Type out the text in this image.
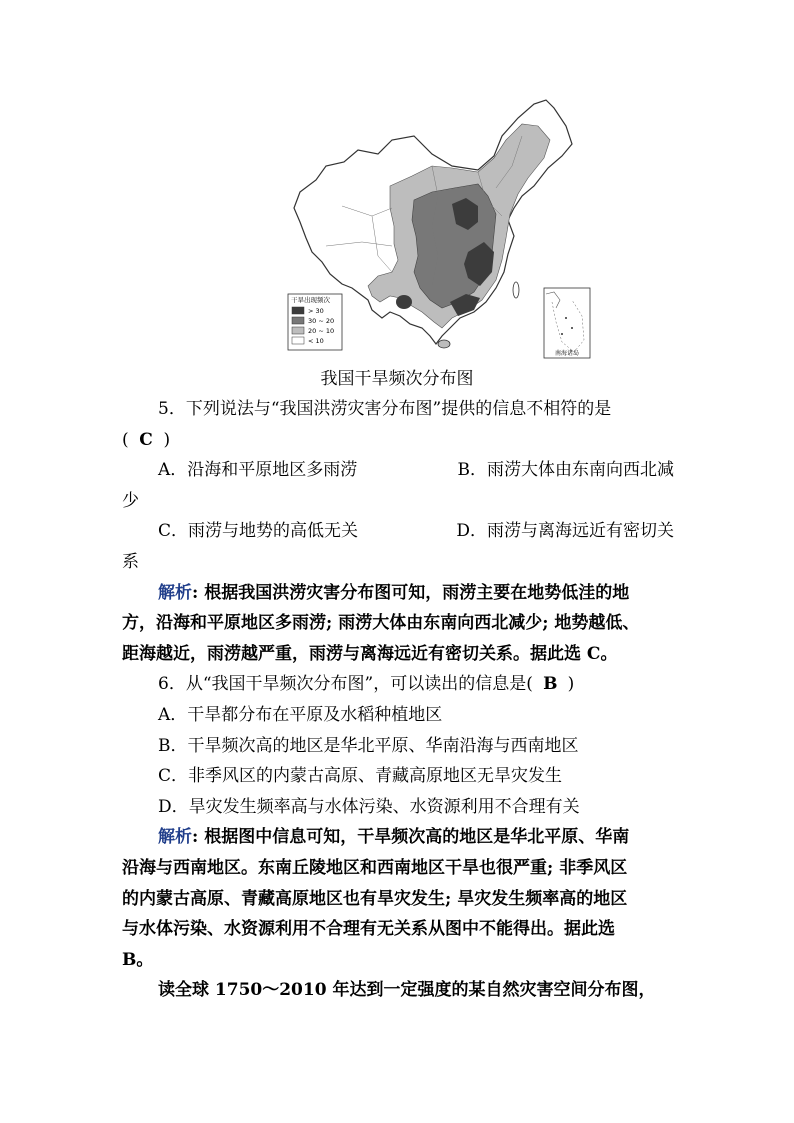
南海诸岛
干旱出现频次
> 30
30 ~ 20
20 ~ 10
< 10
我国干旱频次分布图
5．下列说法与“我国洪涝灾害分布图”提供的信息不相符的是
( C )
A．沿海和平原地区多雨涝	B．雨涝大体由东南向西北减
少
C．雨涝与地势的高低无关	D．雨涝与离海远近有密切关
系
解析: 根据我国洪涝灾害分布图可知，雨涝主要在地势低洼的地
方，沿海和平原地区多雨涝; 雨涝大体由东南向西北减少; 地势越低、
距海越近，雨涝越严重，雨涝与离海远近有密切关系。据此选 C。
6．从“我国干旱频次分布图”，可以读出的信息是( B )
A．干旱都分布在平原及水稻种植地区
B．干旱频次高的地区是华北平原、华南沿海与西南地区
C．非季风区的内蒙古高原、青藏高原地区无旱灾发生
D．旱灾发生频率高与水体污染、水资源利用不合理有关
解析: 根据图中信息可知，干旱频次高的地区是华北平原、华南
沿海与西南地区。东南丘陵地区和西南地区干旱也很严重; 非季风区
的内蒙古高原、青藏高原地区也有旱灾发生; 旱灾发生频率高的地区
与水体污染、水资源利用不合理有无关系从图中不能得出。据此选
B。
读全球 1750～2010 年达到一定强度的某自然灾害空间分布图，
